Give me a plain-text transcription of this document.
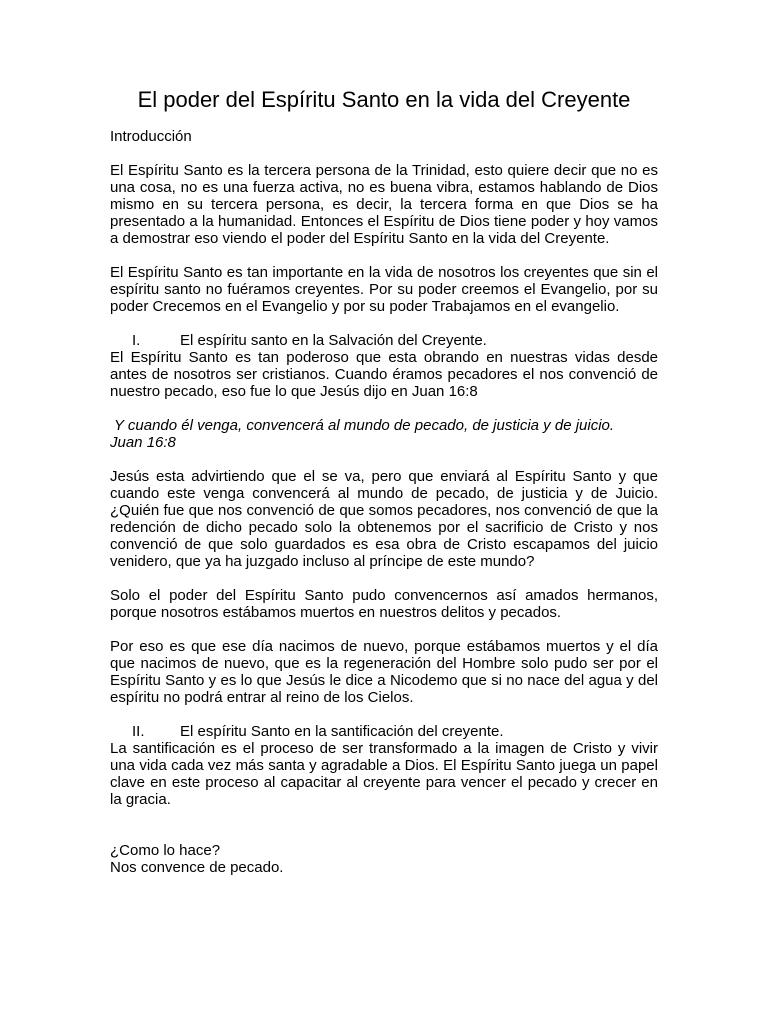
El poder del Espíritu Santo en la vida del Creyente

Introducción

El Espíritu Santo es la tercera persona de la Trinidad, esto quiere decir que no es una cosa, no es una fuerza activa, no es buena vibra, estamos hablando de Dios mismo en su tercera persona, es decir, la tercera forma en que Dios se ha presentado a la humanidad. Entonces el Espíritu de Dios tiene poder y hoy vamos a demostrar eso viendo el poder del Espíritu Santo en la vida del Creyente.

El Espíritu Santo es tan importante en la vida de nosotros los creyentes que sin el espíritu santo no fuéramos creyentes. Por su poder creemos el Evangelio, por su poder Crecemos en el Evangelio y por su poder Trabajamos en el evangelio.

I.	El espíritu santo en la Salvación del Creyente.

El Espíritu Santo es tan poderoso que esta obrando en nuestras vidas desde antes de nosotros ser cristianos. Cuando éramos pecadores el nos convenció de nuestro pecado, eso fue lo que Jesús dijo en Juan 16:8

Y cuando él venga, convencerá al mundo de pecado, de justicia y de juicio.
Juan 16:8

Jesús esta advirtiendo que el se va, pero que enviará al Espíritu Santo y que cuando este venga convencerá al mundo de pecado, de justicia y de Juicio. ¿Quién fue que nos convenció de que somos pecadores, nos convenció de que la redención de dicho pecado solo la obtenemos por el sacrificio de Cristo y nos convenció de que solo guardados es esa obra de Cristo escapamos del juicio venidero, que ya ha juzgado incluso al príncipe de este mundo?

Solo el poder del Espíritu Santo pudo convencernos así amados hermanos, porque nosotros estábamos muertos en nuestros delitos y pecados.

Por eso es que ese día nacimos de nuevo, porque estábamos muertos y el día que nacimos de nuevo, que es la regeneración del Hombre solo pudo ser por el Espíritu Santo y es lo que Jesús le dice a Nicodemo que si no nace del agua y del espíritu no podrá entrar al reino de los Cielos.

II.	El espíritu Santo en la santificación del creyente.

La santificación es el proceso de ser transformado a la imagen de Cristo y vivir una vida cada vez más santa y agradable a Dios. El Espíritu Santo juega un papel clave en este proceso al capacitar al creyente para vencer el pecado y crecer en la gracia.

¿Como lo hace?

Nos convence de pecado.
